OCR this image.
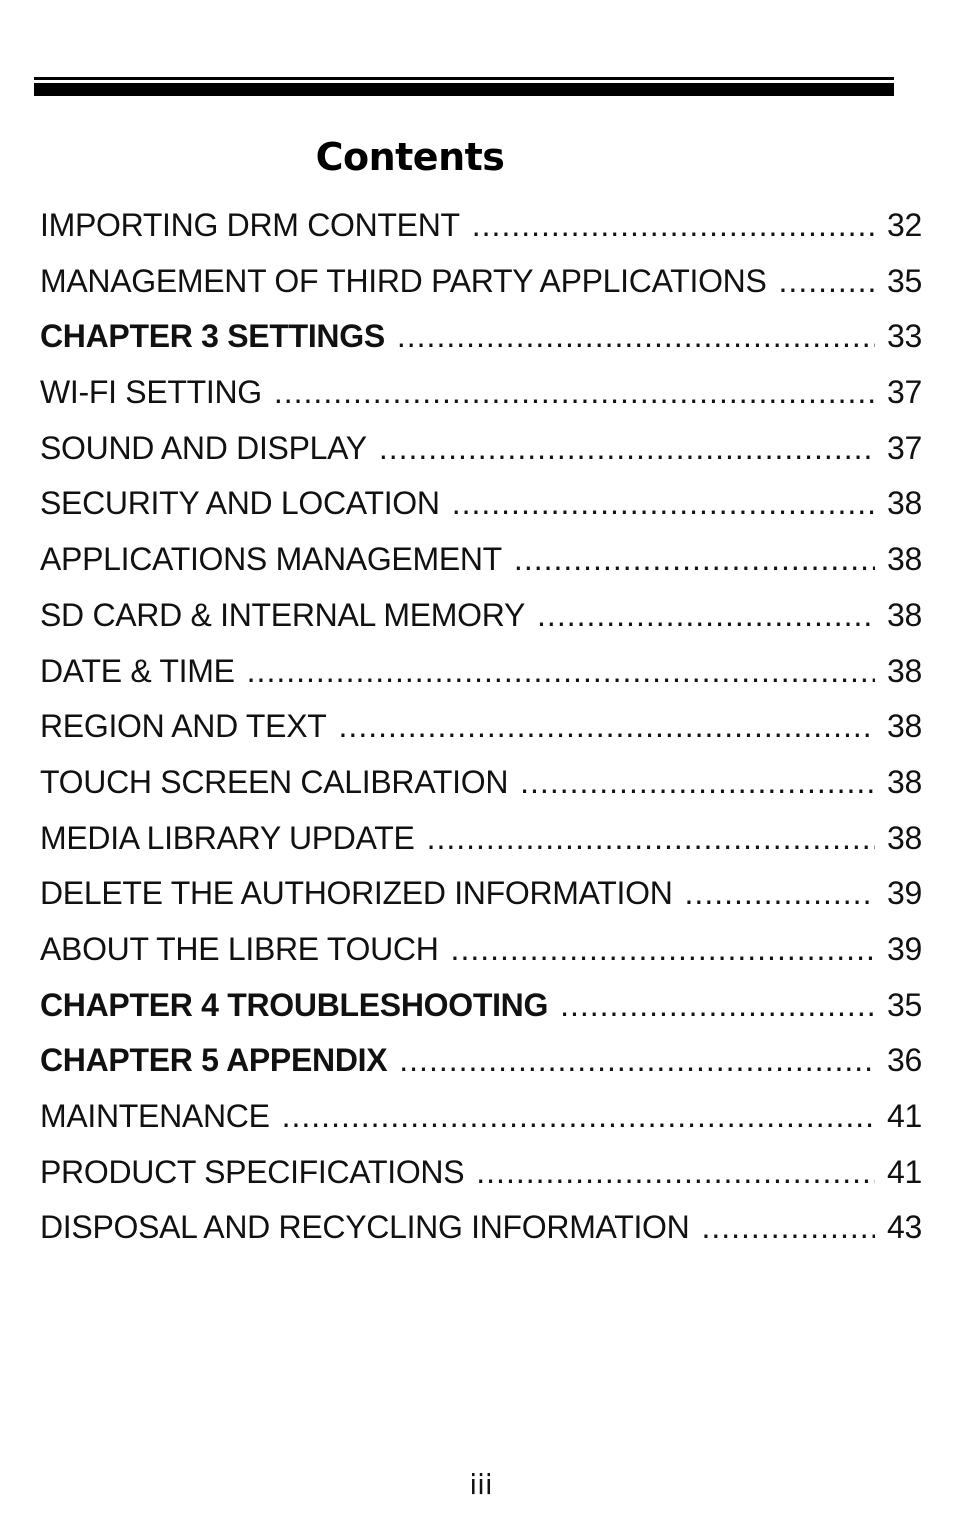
Contents
IMPORTING DRM CONTENT .....	32
MANAGEMENT OF THIRD PARTY APPLICATIONS .....	35
CHAPTER 3 SETTINGS .....	33
WI-FI SETTING .....	37
SOUND AND DISPLAY .....	37
SECURITY AND LOCATION .....	38
APPLICATIONS MANAGEMENT .....	38
SD CARD & INTERNAL MEMORY .....	38
DATE & TIME .....	38
REGION AND TEXT .....	38
TOUCH SCREEN CALIBRATION .....	38
MEDIA LIBRARY UPDATE .....	38
DELETE THE AUTHORIZED INFORMATION .....	39
ABOUT THE LIBRE TOUCH .....	39
CHAPTER 4 TROUBLESHOOTING .....	35
CHAPTER 5 APPENDIX .....	36
MAINTENANCE .....	41
PRODUCT SPECIFICATIONS .....	41
DISPOSAL AND RECYCLING INFORMATION .....	43
iii
